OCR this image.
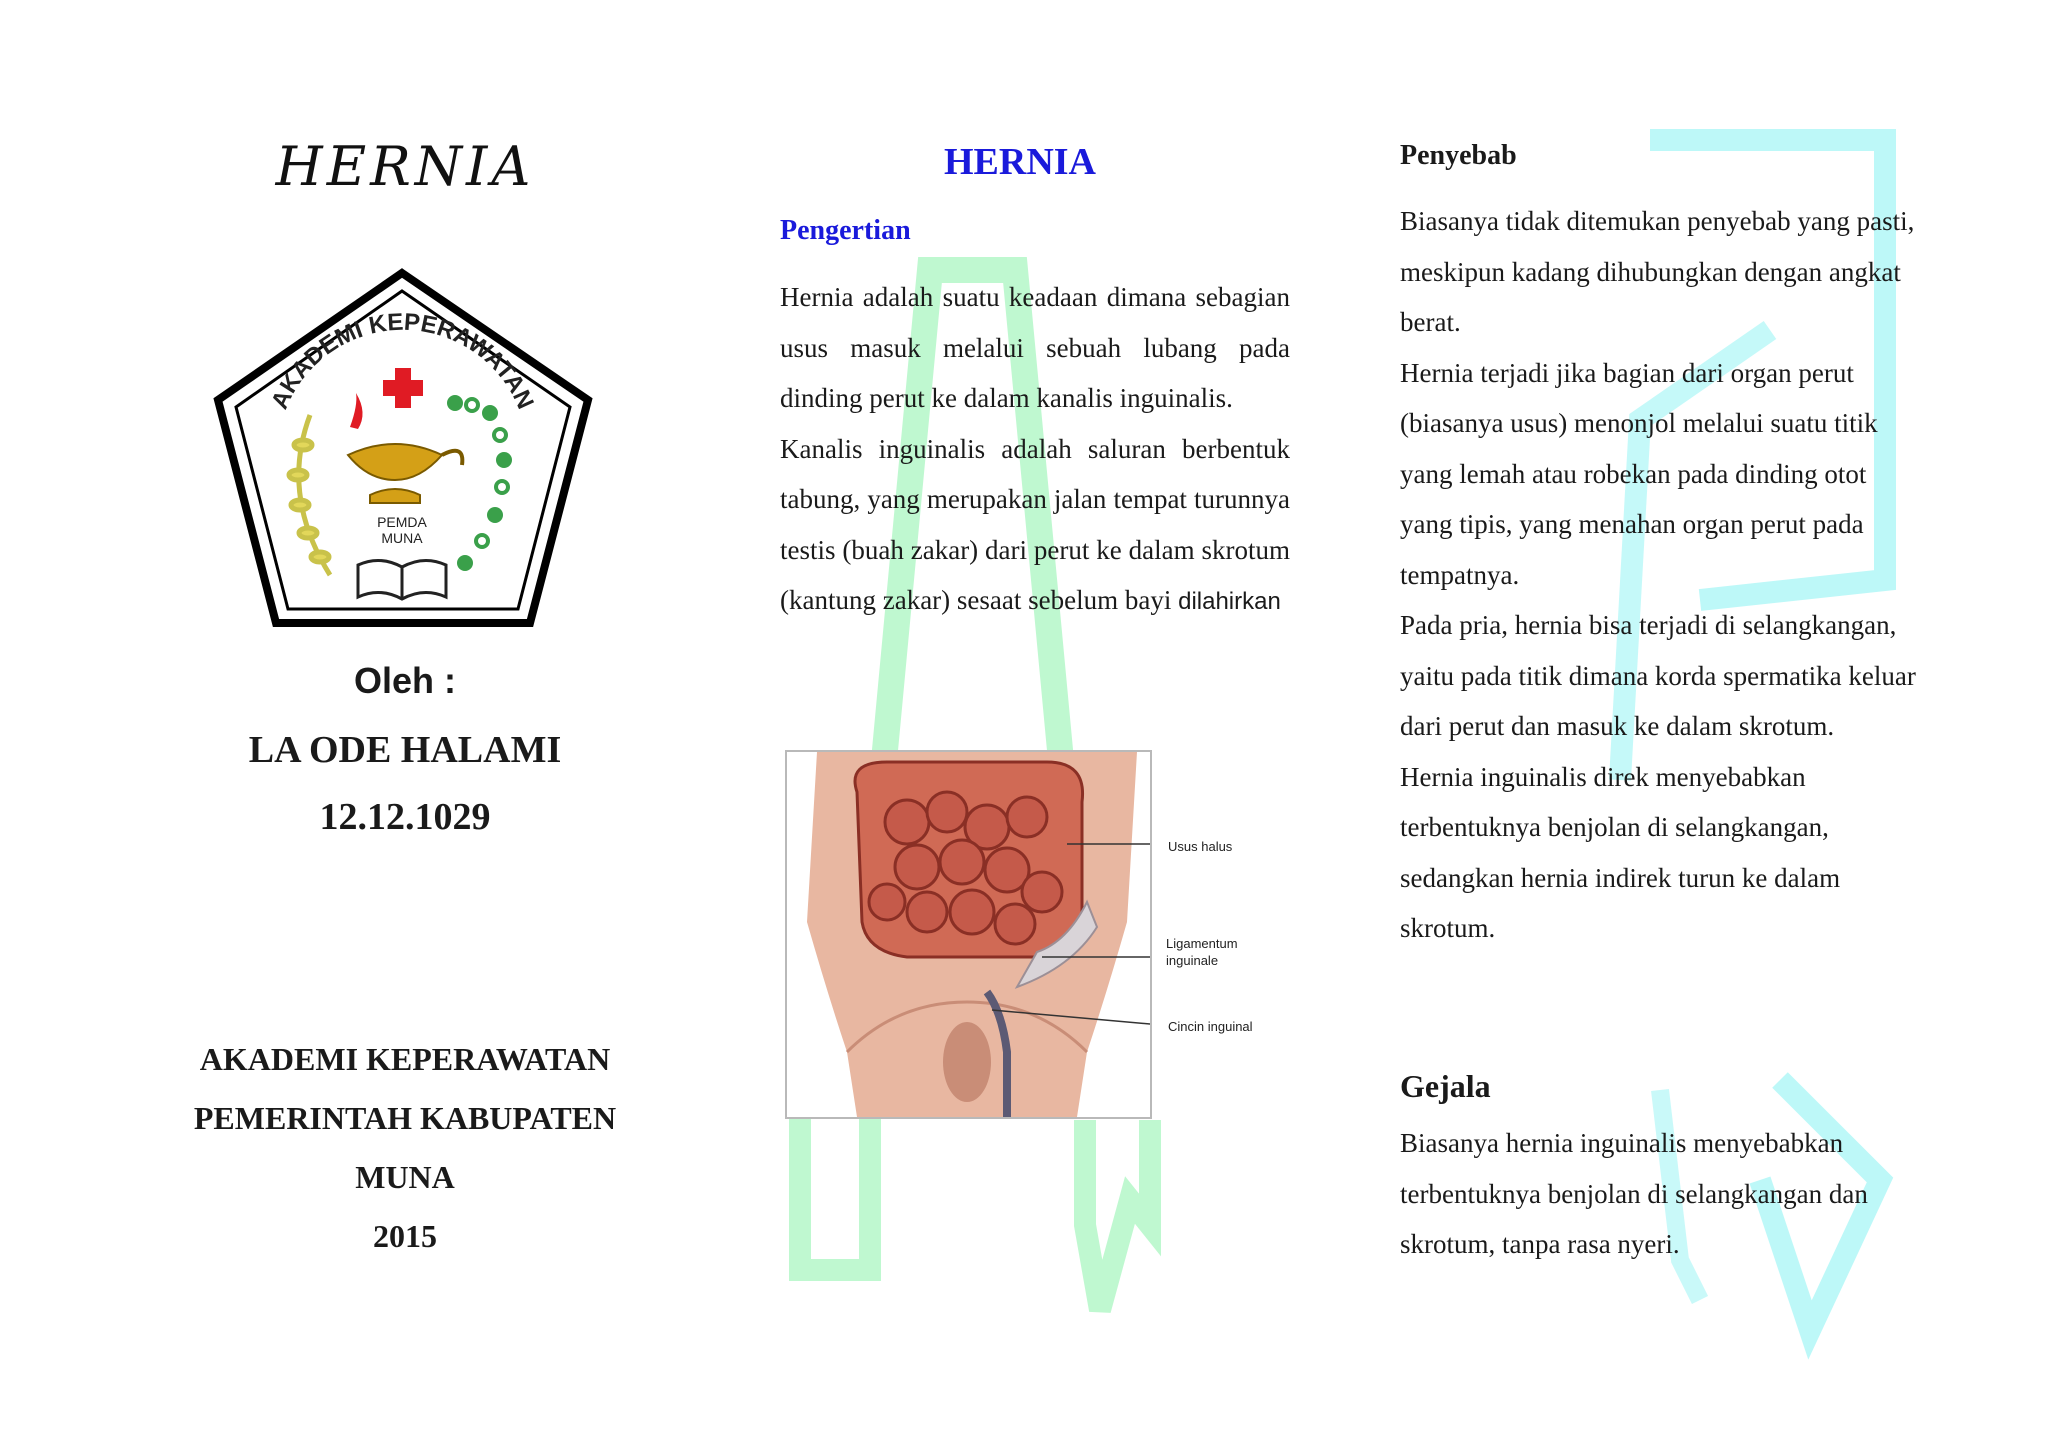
HERNIA
AKADEMI KEPERAWATAN
PEMDA
MUNA
Oleh :
LA ODE HALAMI
12.12.1029
AKADEMI KEPERAWATAN
PEMERINTAH KABUPATEN
MUNA
2015
HERNIA
Pengertian

Hernia adalah suatu keadaan dimana sebagian usus masuk melalui sebuah lubang pada dinding perut ke dalam kanalis inguinalis.

Kanalis inguinalis adalah saluran berbentuk tabung, yang merupakan jalan tempat turunnya testis (buah zakar) dari perut ke dalam skrotum (kantung zakar) sesaat sebelum bayi dilahirkan

Usus halus
Ligamentum inguinale
Cincin inguinal
Penyebab

Biasanya tidak ditemukan penyebab yang pasti, meskipun kadang dihubungkan dengan angkat berat.

Hernia terjadi jika bagian dari organ perut (biasanya usus) menonjol melalui suatu titik yang lemah atau robekan pada dinding otot yang tipis, yang menahan organ perut pada tempatnya.

Pada pria, hernia bisa terjadi di selangkangan, yaitu pada titik dimana korda spermatika keluar dari perut dan masuk ke dalam skrotum.

Hernia inguinalis direk menyebabkan terbentuknya benjolan di selangkangan, sedangkan hernia indirek turun ke dalam skrotum.

Gejala
Biasanya hernia inguinalis menyebabkan terbentuknya benjolan di selangkangan dan skrotum, tanpa rasa nyeri.
